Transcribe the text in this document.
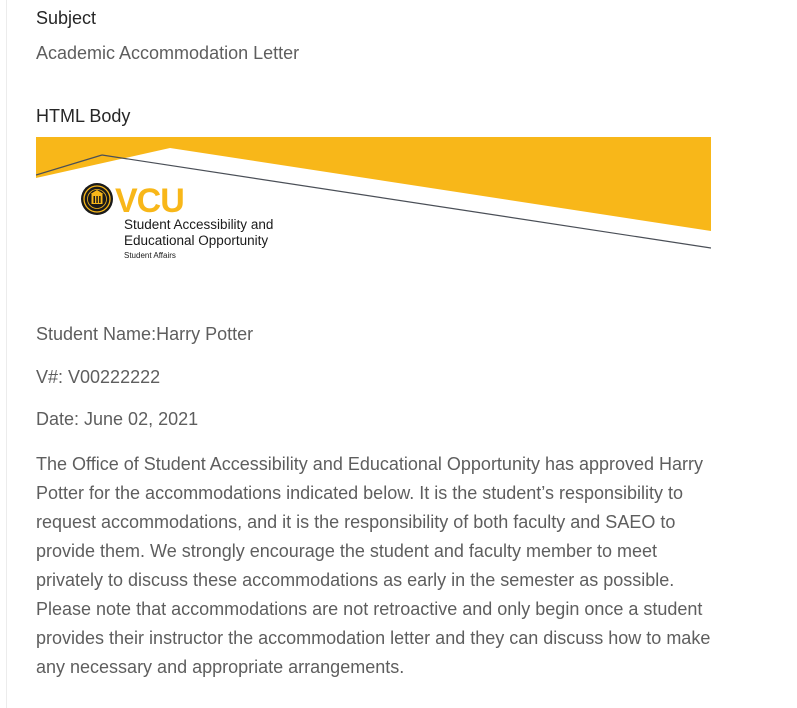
Subject
Academic Accommodation Letter
HTML Body
VCU
Student Accessibility and
Educational Opportunity
Student Affairs
Student Name:Harry Potter
V#: V00222222
Date: June 02, 2021

The Office of Student Accessibility and Educational Opportunity has approved Harry Potter for the accommodations indicated below. It is the student’s responsibility to request accommodations, and it is the responsibility of both faculty and SAEO to provide them. We strongly encourage the student and faculty member to meet privately to discuss these accommodations as early in the semester as possible. Please note that accommodations are not retroactive and only begin once a student provides their instructor the accommodation letter and they can discuss how to make any necessary and appropriate arrangements.
